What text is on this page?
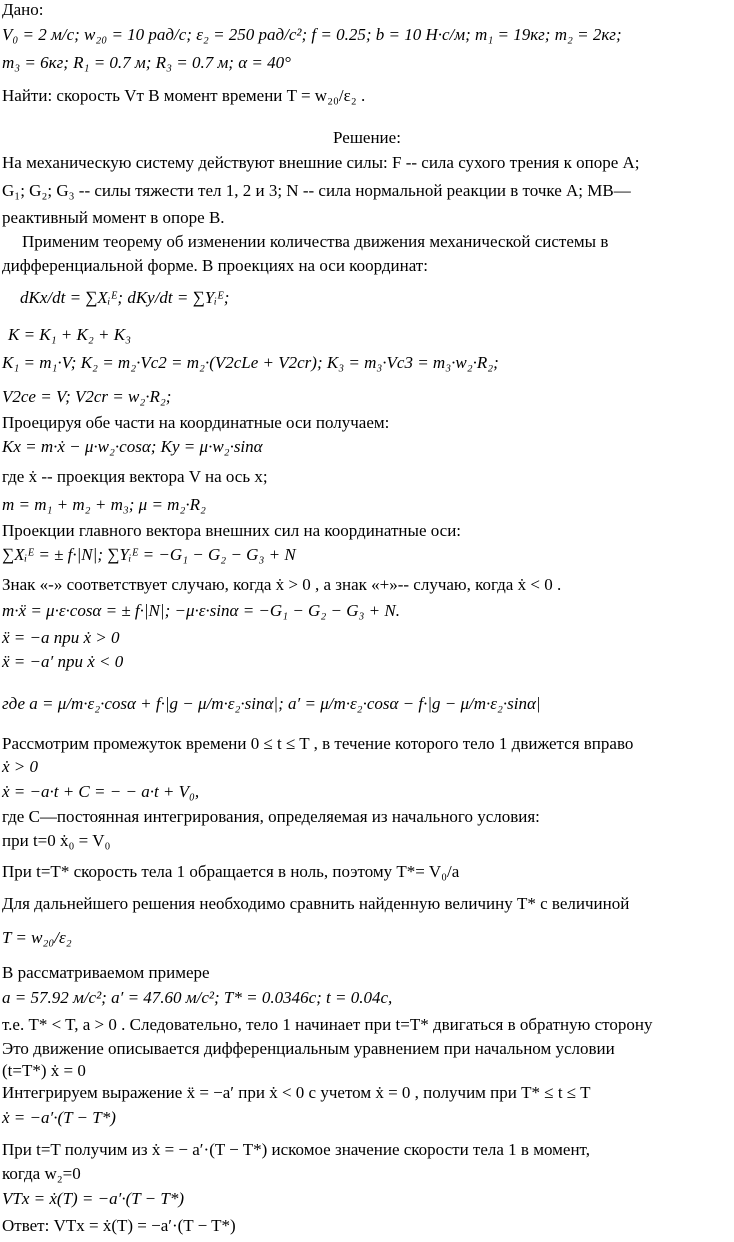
Дано:
V₀ = 2 м/с; w₂₀ = 10 рад/с; ε₂ = 250 рад/с²; f = 0.25; b = 10 Н·с/м; m₁ = 19кг; m₂ = 2кг;
m₃ = 6кг; R₁ = 0.7 м; R₃ = 0.7 м; α = 40°
Найти: скорость Vт В момент времени T = w₂₀/ε₂ .
Решение:
На механическую систему действуют внешние силы: F -- сила сухого трения к опоре А;
G₁; G₂; G₃ -- силы тяжести тел 1, 2 и 3; N -- сила нормальной реакции в точке А; MB—
реактивный момент в опоре В.
Применим теорему об изменении количества движения механической системы в
дифференциальной форме. В проекциях на оси координат:
dKx/dt = ∑Xᵢᴱ; dKy/dt = ∑Yᵢᴱ;
K = K₁ + K₂ + K₃
K₁ = m₁·V; K₂ = m₂·Vc2 = m₂·(V2cLe + V2cr); K₃ = m₃·Vc3 = m₃·w₂·R₂;
V2ce = V; V2cr = w₂·R₂;
Проецируя обе части на координатные оси получаем:
Kx = m·ẋ − μ·w₂·cosα; Ky = μ·w₂·sinα
где ẋ -- проекция вектора V на ось x;
m = m₁ + m₂ + m₃; μ = m₂·R₂
Проекции главного вектора внешних сил на координатные оси:
∑Xᵢᴱ = ± f·|N|; ∑Yᵢᴱ = −G₁ − G₂ − G₃ + N
Знак «-» соответствует случаю, когда ẋ > 0 , а знак «+»-- случаю, когда ẋ < 0 .
m·ẍ = μ·ε·cosα = ± f·|N|; −μ·ε·sinα = −G₁ − G₂ − G₃ + N.
ẍ = −a при ẋ > 0
ẍ = −a′ при ẋ < 0
где a = μ/m·ε₂·cosα + f·|g − μ/m·ε₂·sinα|; a′ = μ/m·ε₂·cosα − f·|g − μ/m·ε₂·sinα|
Рассмотрим промежуток времени 0 ≤ t ≤ T , в течение которого тело 1 движется вправо
ẋ > 0
ẋ = −a·t + C = − − a·t + V₀,
где С—постоянная интегрирования, определяемая из начального условия:
при t=0 ẋ₀ = V₀
При t=T* скорость тела 1 обращается в ноль, поэтому T*= V₀/a
Для дальнейшего решения необходимо сравнить найденную величину T* с величиной
T = w₂₀/ε₂
В рассматриваемом примере
a = 57.92 м/c²; a′ = 47.60 м/c²; T* = 0.0346c; t = 0.04c,
т.е. T* < T, a > 0 . Следовательно, тело 1 начинает при t=T* двигаться в обратную сторону
Это движение описывается дифференциальным уравнением при начальном условии
(t=T*) ẋ = 0
Интегрируем выражение ẍ = −a′ при ẋ < 0 с учетом ẋ = 0 , получим при T* ≤ t ≤ T
ẋ = −a′·(T − T*)
При t=T получим из ẋ = − a′·(T − T*) искомое значение скорости тела 1 в момент,
когда w₂=0
VTx = ẋ(T) = −a′·(T − T*)
Ответ: VTx = ẋ(T) = −a′·(T − T*)
